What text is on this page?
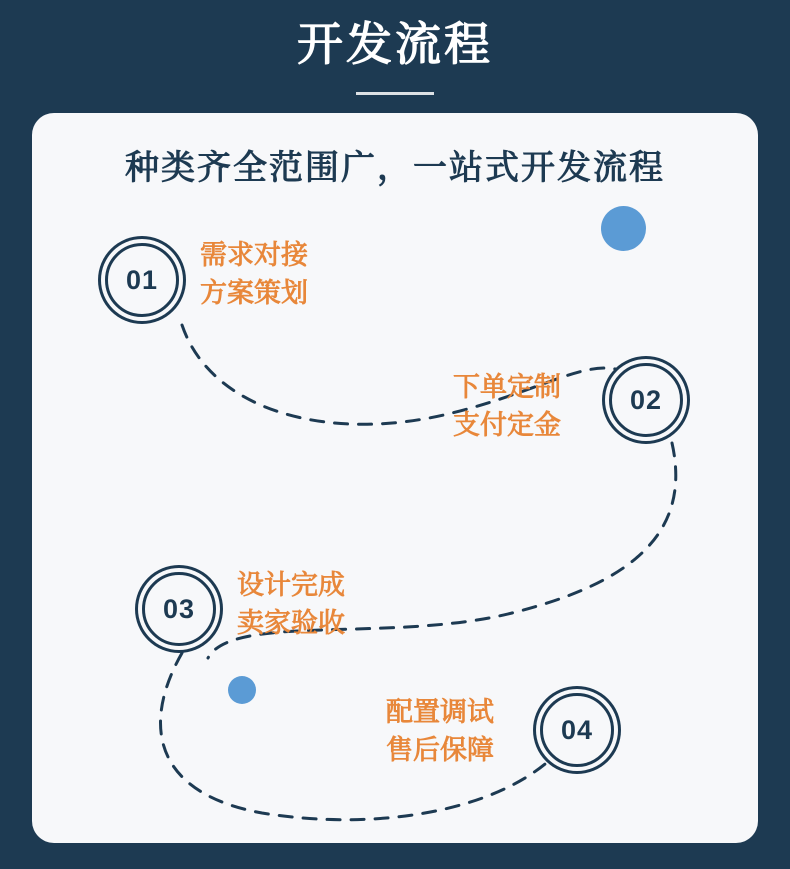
开发流程
种类齐全范围广，一站式开发流程
01
需求对接
方案策划
02
下单定制
支付定金
03
设计完成
卖家验收
04
配置调试
售后保障
